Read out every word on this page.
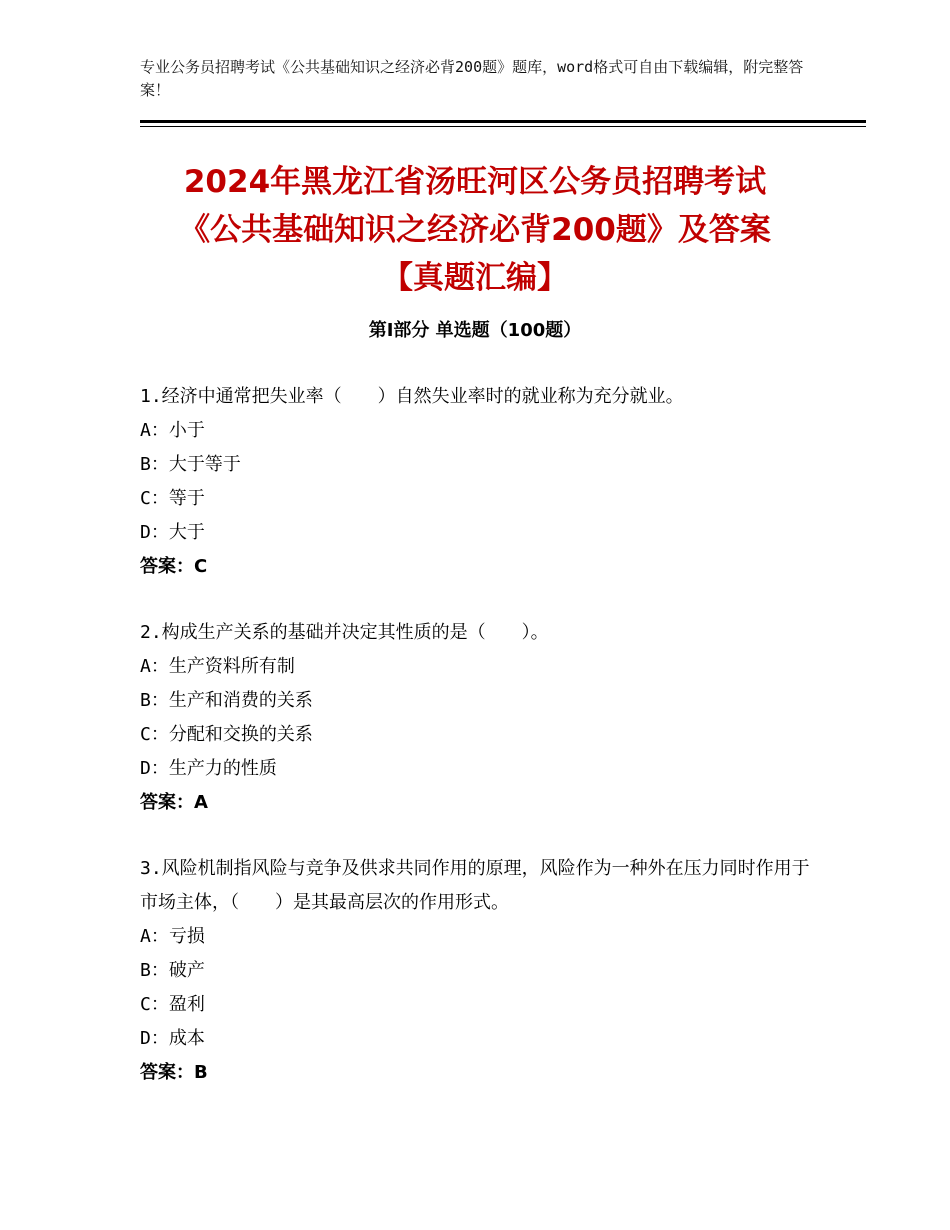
专业公务员招聘考试《公共基础知识之经济必背200题》题库，word格式可自由下载编辑，附完整答案！
2024年黑龙江省汤旺河区公务员招聘考试
《公共基础知识之经济必背200题》及答案
【真题汇编】
第Ⅰ部分 单选题（100题）
1.经济中通常把失业率（　　）自然失业率时的就业称为充分就业。
A：小于
B：大于等于
C：等于
D：大于
答案：C
2.构成生产关系的基础并决定其性质的是（　　）。
A：生产资料所有制
B：生产和消费的关系
C：分配和交换的关系
D：生产力的性质
答案：A
3.风险机制指风险与竞争及供求共同作用的原理，风险作为一种外在压力同时作用于市场主体，（　　）是其最高层次的作用形式。
A：亏损
B：破产
C：盈利
D：成本
答案：B
